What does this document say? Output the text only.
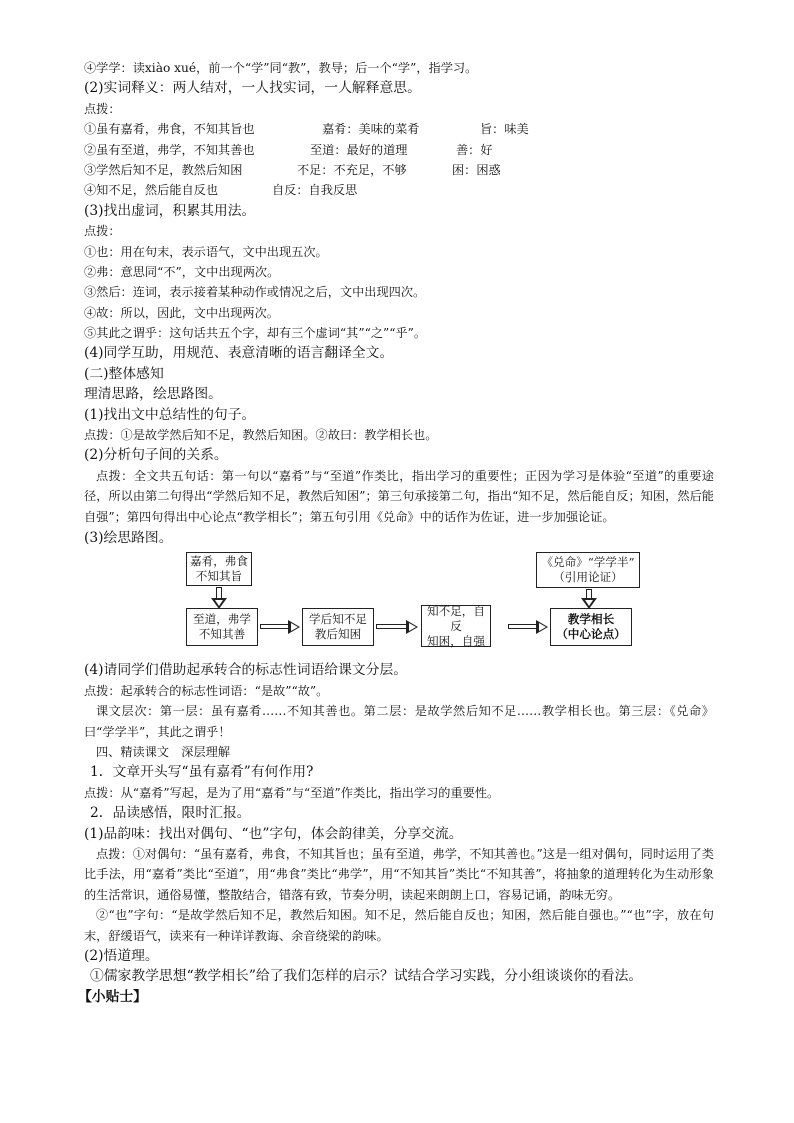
④学学：读xiào xué，前一个“学”同“教”，教导；后一个“学”，指学习。
(2)实词释义：两人结对，一人找实词，一人解释意思。
点拨：
①虽有嘉肴，弗食，不知其旨也	嘉肴：美味的菜肴	旨：味美
②虽有至道，弗学，不知其善也	至道：最好的道理	善：好
③学然后知不足，教然后知困	不足：不充足，不够	困：困惑
④知不足，然后能自反也	自反：自我反思
(3)找出虚词，积累其用法。
点拨：
①也：用在句末，表示语气，文中出现五次。
②弗：意思同“不”，文中出现两次。
③然后：连词，表示接着某种动作或情况之后，文中出现四次。
④故：所以，因此，文中出现两次。
⑤其此之谓乎：这句话共五个字，却有三个虚词“其”“之”“乎”。
(4)同学互助，用规范、表意清晰的语言翻译全文。
(二)整体感知
理清思路，绘思路图。
(1)找出文中总结性的句子。
点拨：①是故学然后知不足，教然后知困。②故曰：教学相长也。
(2)分析句子间的关系。
点拨：全文共五句话：第一句以“嘉肴”与“至道”作类比，指出学习的重要性；正因为学习是体验“至道”的重要途径，所以由第二句得出“学然后知不足，教然后知困”；第三句承接第二句，指出“知不足，然后能自反；知困，然后能自强”；第四句得出中心论点“教学相长”；第五句引用《兑命》中的话作为佐证，进一步加强论证。
(3)绘思路图。
嘉肴，弗食
不知其旨
至道，弗学
不知其善
学后知不足
教后知困
知不足，自反
知困，自强
《兑命》“学学半”
（引用论证）
教学相长
（中心论点）
(4)请同学们借助起承转合的标志性词语给课文分层。
点拨：起承转合的标志性词语：“是故”“故”。
课文层次：第一层：虽有嘉肴……不知其善也。第二层：是故学然后知不足……教学相长也。第三层：《兑命》曰“学学半”，其此之谓乎！
四、精读课文　深层理解
1．文章开头写“虽有嘉肴”有何作用?
点拨：从“嘉肴”写起，是为了用“嘉肴”与“至道”作类比，指出学习的重要性。
2．品读感悟，限时汇报。
(1)品韵味：找出对偶句、“也”字句，体会韵律美，分享交流。
点拨：①对偶句：“虽有嘉肴，弗食，不知其旨也；虽有至道，弗学，不知其善也。”这是一组对偶句，同时运用了类比手法，用“嘉肴”类比“至道”，用“弗食”类比“弗学”，用“不知其旨”类比“不知其善”，将抽象的道理转化为生动形象的生活常识，通俗易懂，整散结合，错落有致，节奏分明，读起来朗朗上口，容易记诵，韵味无穷。
②“也”字句：“是故学然后知不足，教然后知困。知不足，然后能自反也；知困，然后能自强也。”“也”字，放在句末，舒缓语气，读来有一种详详教诲、余音绕梁的韵味。
(2)悟道理。
①儒家教学思想“教学相长”给了我们怎样的启示？试结合学习实践，分小组谈谈你的看法。
【小贴士】
